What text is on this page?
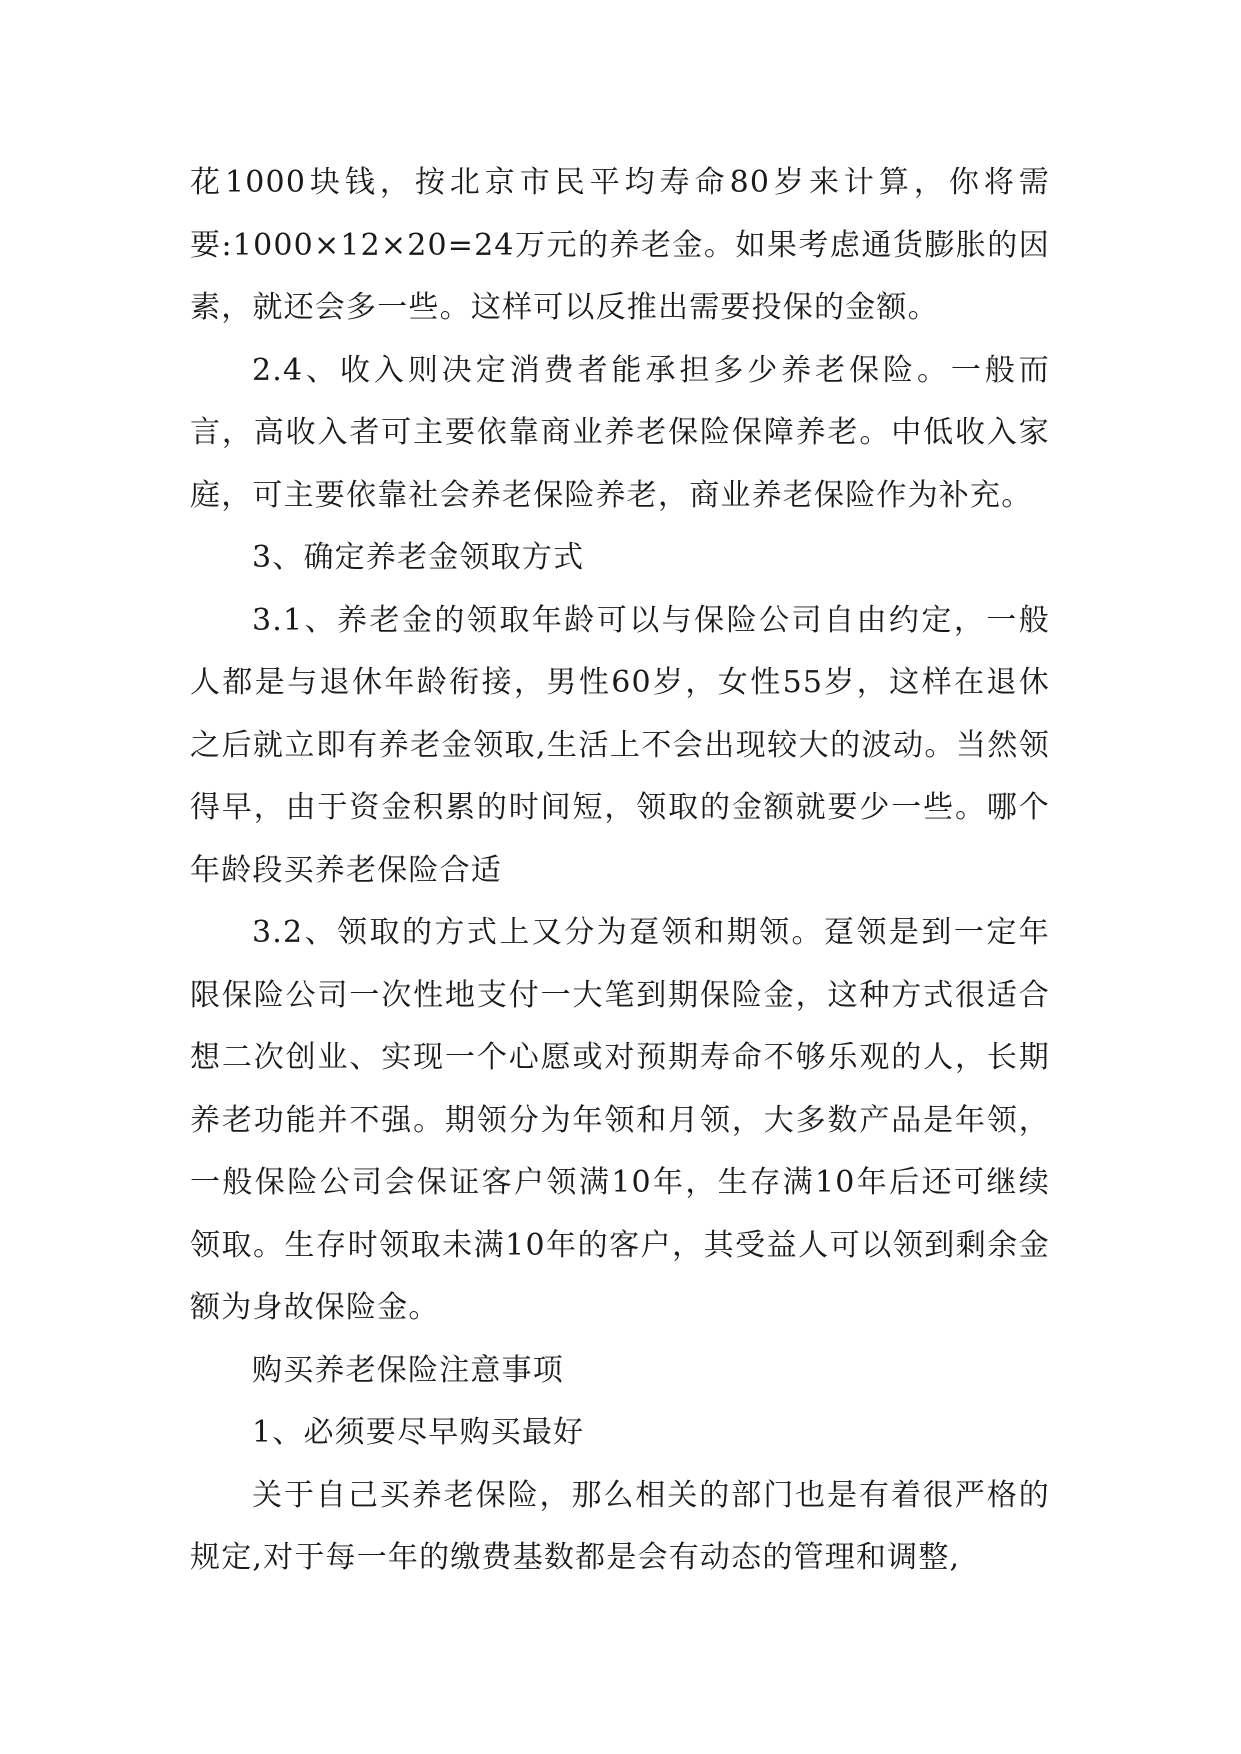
花1000块钱，按北京市民平均寿命80岁来计算，你将需要:1000×12×20=24万元的养老金。如果考虑通货膨胀的因素，就还会多一些。这样可以反推出需要投保的金额。

2.4、收入则决定消费者能承担多少养老保险。一般而言，高收入者可主要依靠商业养老保险保障养老。中低收入家庭，可主要依靠社会养老保险养老，商业养老保险作为补充。

3、确定养老金领取方式

3.1、养老金的领取年龄可以与保险公司自由约定，一般人都是与退休年龄衔接，男性60岁，女性55岁，这样在退休之后就立即有养老金领取,生活上不会出现较大的波动。当然领得早，由于资金积累的时间短，领取的金额就要少一些。哪个年龄段买养老保险合适

3.2、领取的方式上又分为趸领和期领。趸领是到一定年限保险公司一次性地支付一大笔到期保险金，这种方式很适合想二次创业、实现一个心愿或对预期寿命不够乐观的人，长期养老功能并不强。期领分为年领和月领，大多数产品是年领，一般保险公司会保证客户领满10年，生存满10年后还可继续领取。生存时领取未满10年的客户，其受益人可以领到剩余金额为身故保险金。

购买养老保险注意事项

1、必须要尽早购买最好

关于自己买养老保险，那么相关的部门也是有着很严格的规定,对于每一年的缴费基数都是会有动态的管理和调整,
